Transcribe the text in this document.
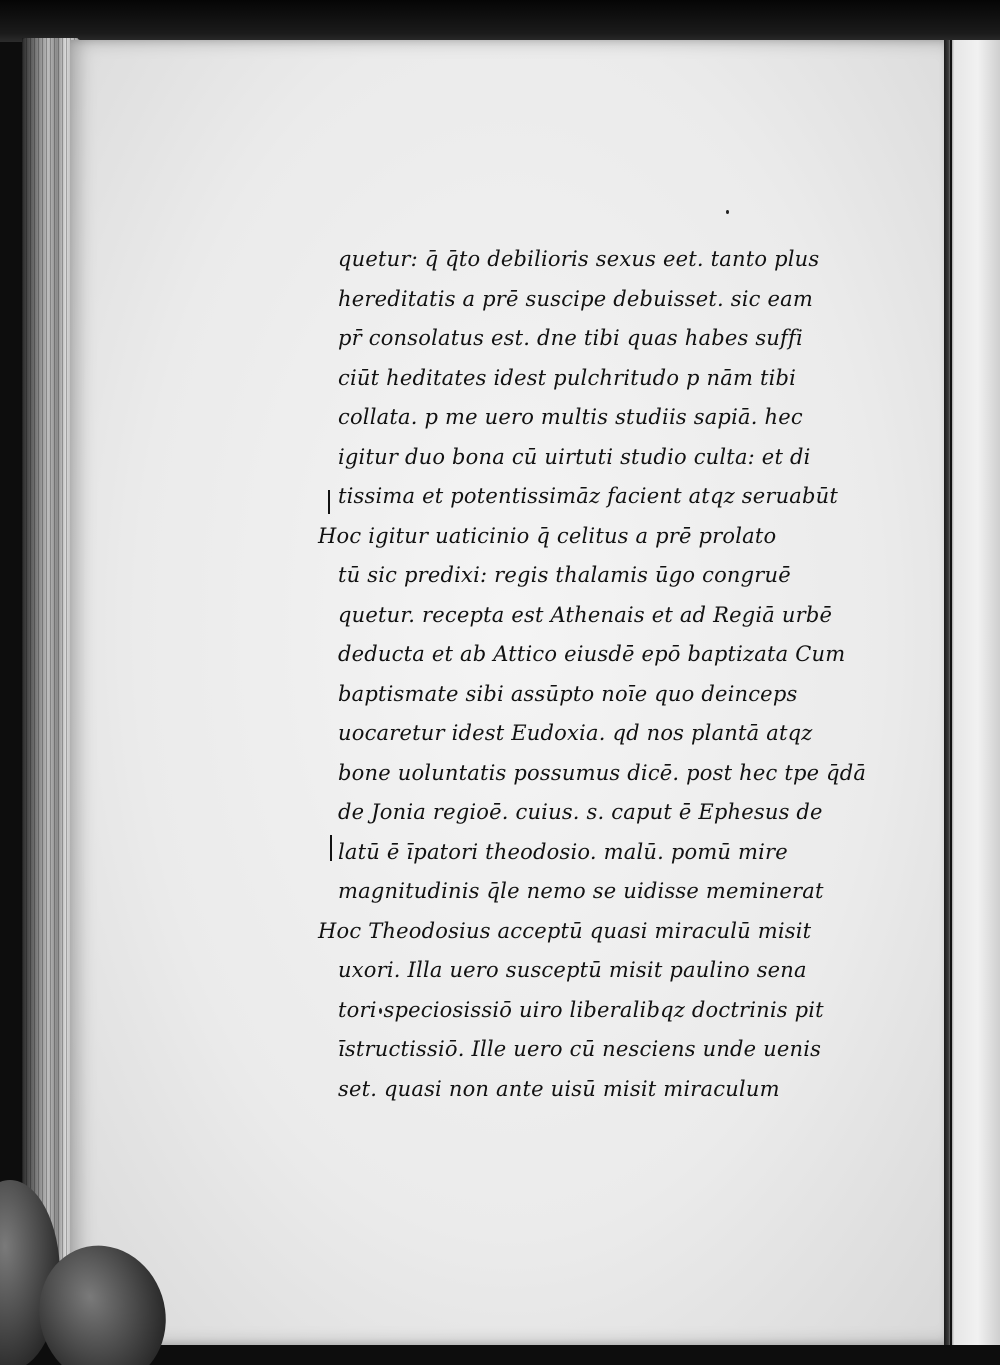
quetur: q̄ q̄to debilioris sexus eet. tanto plus
hereditatis a prē suscipe debuisset. sic eam
pr̄ consolatus est. dne tibi quas habes suffi
ciūt heditates idest pulchritudo p nām tibi
collata. p me uero multis studiis sapiā. hec
igitur duo bona cū uirtuti studio culta: et di
tissima et potentissimāz facient atqz seruabūt
Hoc igitur uaticinio q̄ celitus a prē prolato
tū sic predixi: regis thalamis ūgo congruē
quetur. recepta est Athenais et ad Regiā urbē
deducta et ab Attico eiusdē epō baptizata Cum
baptismate sibi assūpto noīe quo deinceps
uocaretur idest Eudoxia. qd nos plantā atqz
bone uoluntatis possumus dicē. post hec tpe q̄dā
de Jonia regioē. cuius. s. caput ē Ephesus de
latū ē īpatori theodosio. malū. pomū mire
magnitudinis q̄le nemo se uidisse meminerat
Hoc Theodosius acceptū quasi miraculū misit
uxori. Illa uero susceptū misit paulino sena
tori speciosissiō uiro liberalibqz doctrinis pit
īstructissiō. Ille uero cū nesciens unde uenis
set. quasi non ante uisū misit miraculum
